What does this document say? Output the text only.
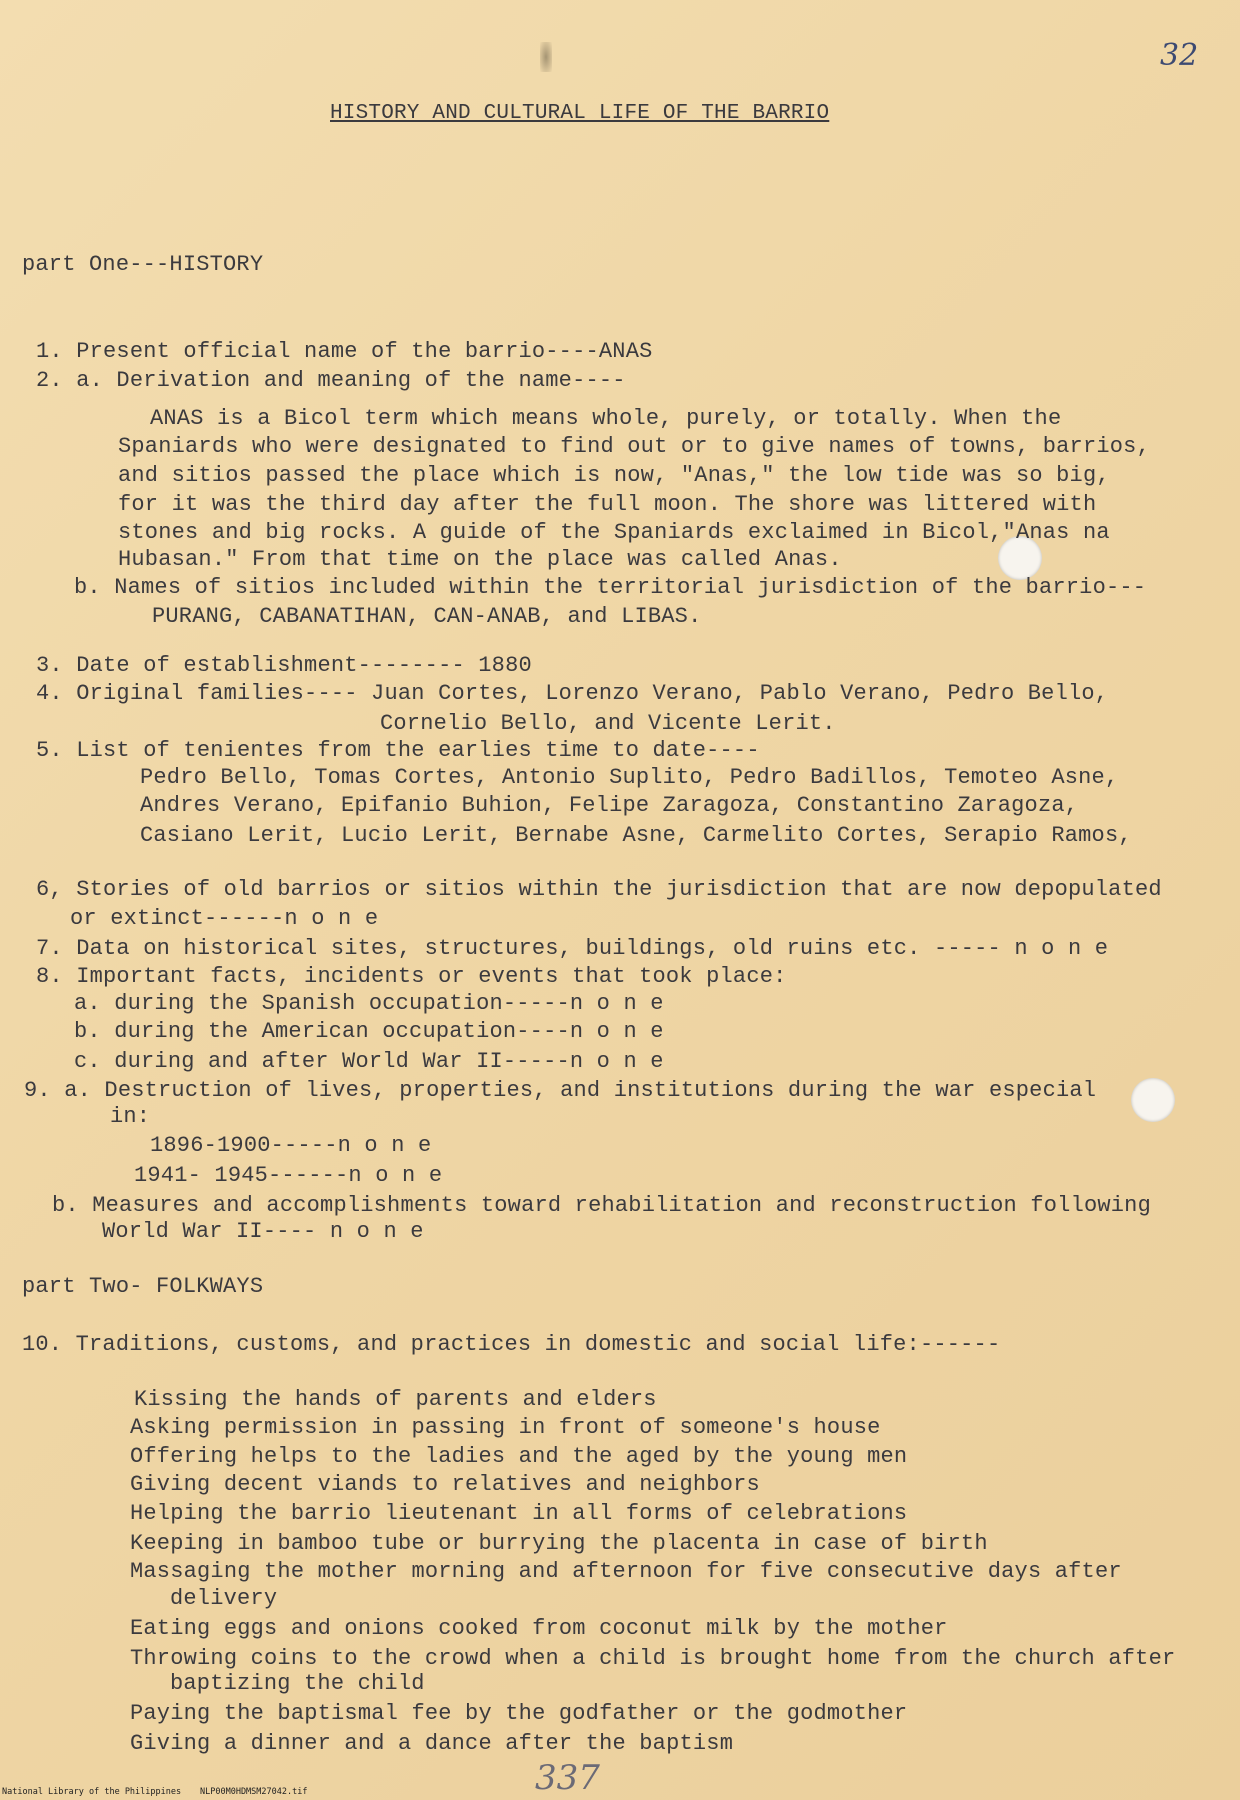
32
HISTORY AND CULTURAL LIFE OF THE BARRIO
part One---HISTORY
1. Present official name of the barrio----ANAS
2. a. Derivation and meaning of the name----
ANAS is a Bicol term which means whole, purely, or totally. When the
Spaniards who were designated to find out or to give names of towns, barrios,
and sitios passed the place which is now, "Anas," the low tide was so big,
for it was the third day after the full moon. The shore was littered with
stones and big rocks. A guide of the Spaniards exclaimed in Bicol,"Anas na
Hubasan." From that time on the place was called Anas.
b. Names of sitios included within the territorial jurisdiction of the barrio---
PURANG, CABANATIHAN, CAN-ANAB, and LIBAS.
3. Date of establishment-------- 1880
4. Original families---- Juan Cortes, Lorenzo Verano, Pablo Verano, Pedro Bello,
Cornelio Bello, and Vicente Lerit.
5. List of tenientes from the earlies time to date----
Pedro Bello, Tomas Cortes, Antonio Suplito, Pedro Badillos, Temoteo Asne,
Andres Verano, Epifanio Buhion, Felipe Zaragoza, Constantino Zaragoza,
Casiano Lerit, Lucio Lerit, Bernabe Asne, Carmelito Cortes, Serapio Ramos,
6, Stories of old barrios or sitios within the jurisdiction that are now depopulated
or extinct------n o n e
7. Data on historical sites, structures, buildings, old ruins etc. ----- n o n e
8. Important facts, incidents or events that took place:
a. during the Spanish occupation-----n o n e
b. during the American occupation----n o n e
c. during and after World War II-----n o n e
9. a. Destruction of lives, properties, and institutions during the war especial
in:
1896-1900-----n o n e
1941- 1945------n o n e
b. Measures and accomplishments toward rehabilitation and reconstruction following
World War II---- n o n e
part Two- FOLKWAYS
10. Traditions, customs, and practices in domestic and social life:------
Kissing the hands of parents and elders
Asking permission in passing in front of someone's house
Offering helps to the ladies and the aged by the young men
Giving decent viands to relatives and neighbors
Helping the barrio lieutenant in all forms of celebrations
Keeping in bamboo tube or burrying the placenta in case of birth
Massaging the mother morning and afternoon for five consecutive days after
delivery
Eating eggs and onions cooked from coconut milk by the mother
Throwing coins to the crowd when a child is brought home from the church after
baptizing the child
Paying the baptismal fee by the godfather or the godmother
Giving a dinner and a dance after the baptism
337
National Library of the Philippines NLP00M0HDMSM27042.tif
